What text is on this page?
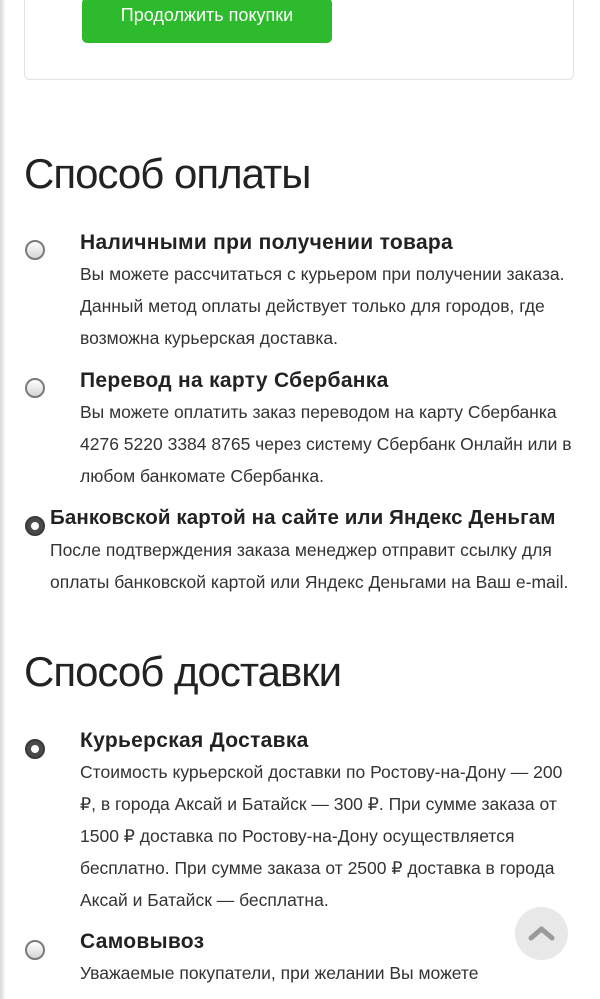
Продолжить покупки
Способ оплаты
Наличными при получении товара

Вы можете рассчитаться с курьером при получении заказа. Данный метод оплаты действует только для городов, где возможна курьерская доставка.

Перевод на карту Сбербанка

Вы можете оплатить заказ переводом на карту Сбербанка 4276 5220 3384 8765 через систему Сбербанк Онлайн или в любом банкомате Сбербанка.

Банковской картой на сайте или Яндекс Деньгам

После подтверждения заказа менеджер отправит ссылку для оплаты банковской картой или Яндекс Деньгами на Ваш e-mail.

Способ доставки
Курьерская Доставка

Стоимость курьерской доставки по Ростову-на-Дону — 200 ₽, в города Аксай и Батайск — 300 ₽. При сумме заказа от 1500 ₽ доставка по Ростову-на-Дону осуществляется бесплатно. При сумме заказа от 2500 ₽ доставка в города Аксай и Батайск — бесплатна.

Самовывоз

Уважаемые покупатели, при желании Вы можете
